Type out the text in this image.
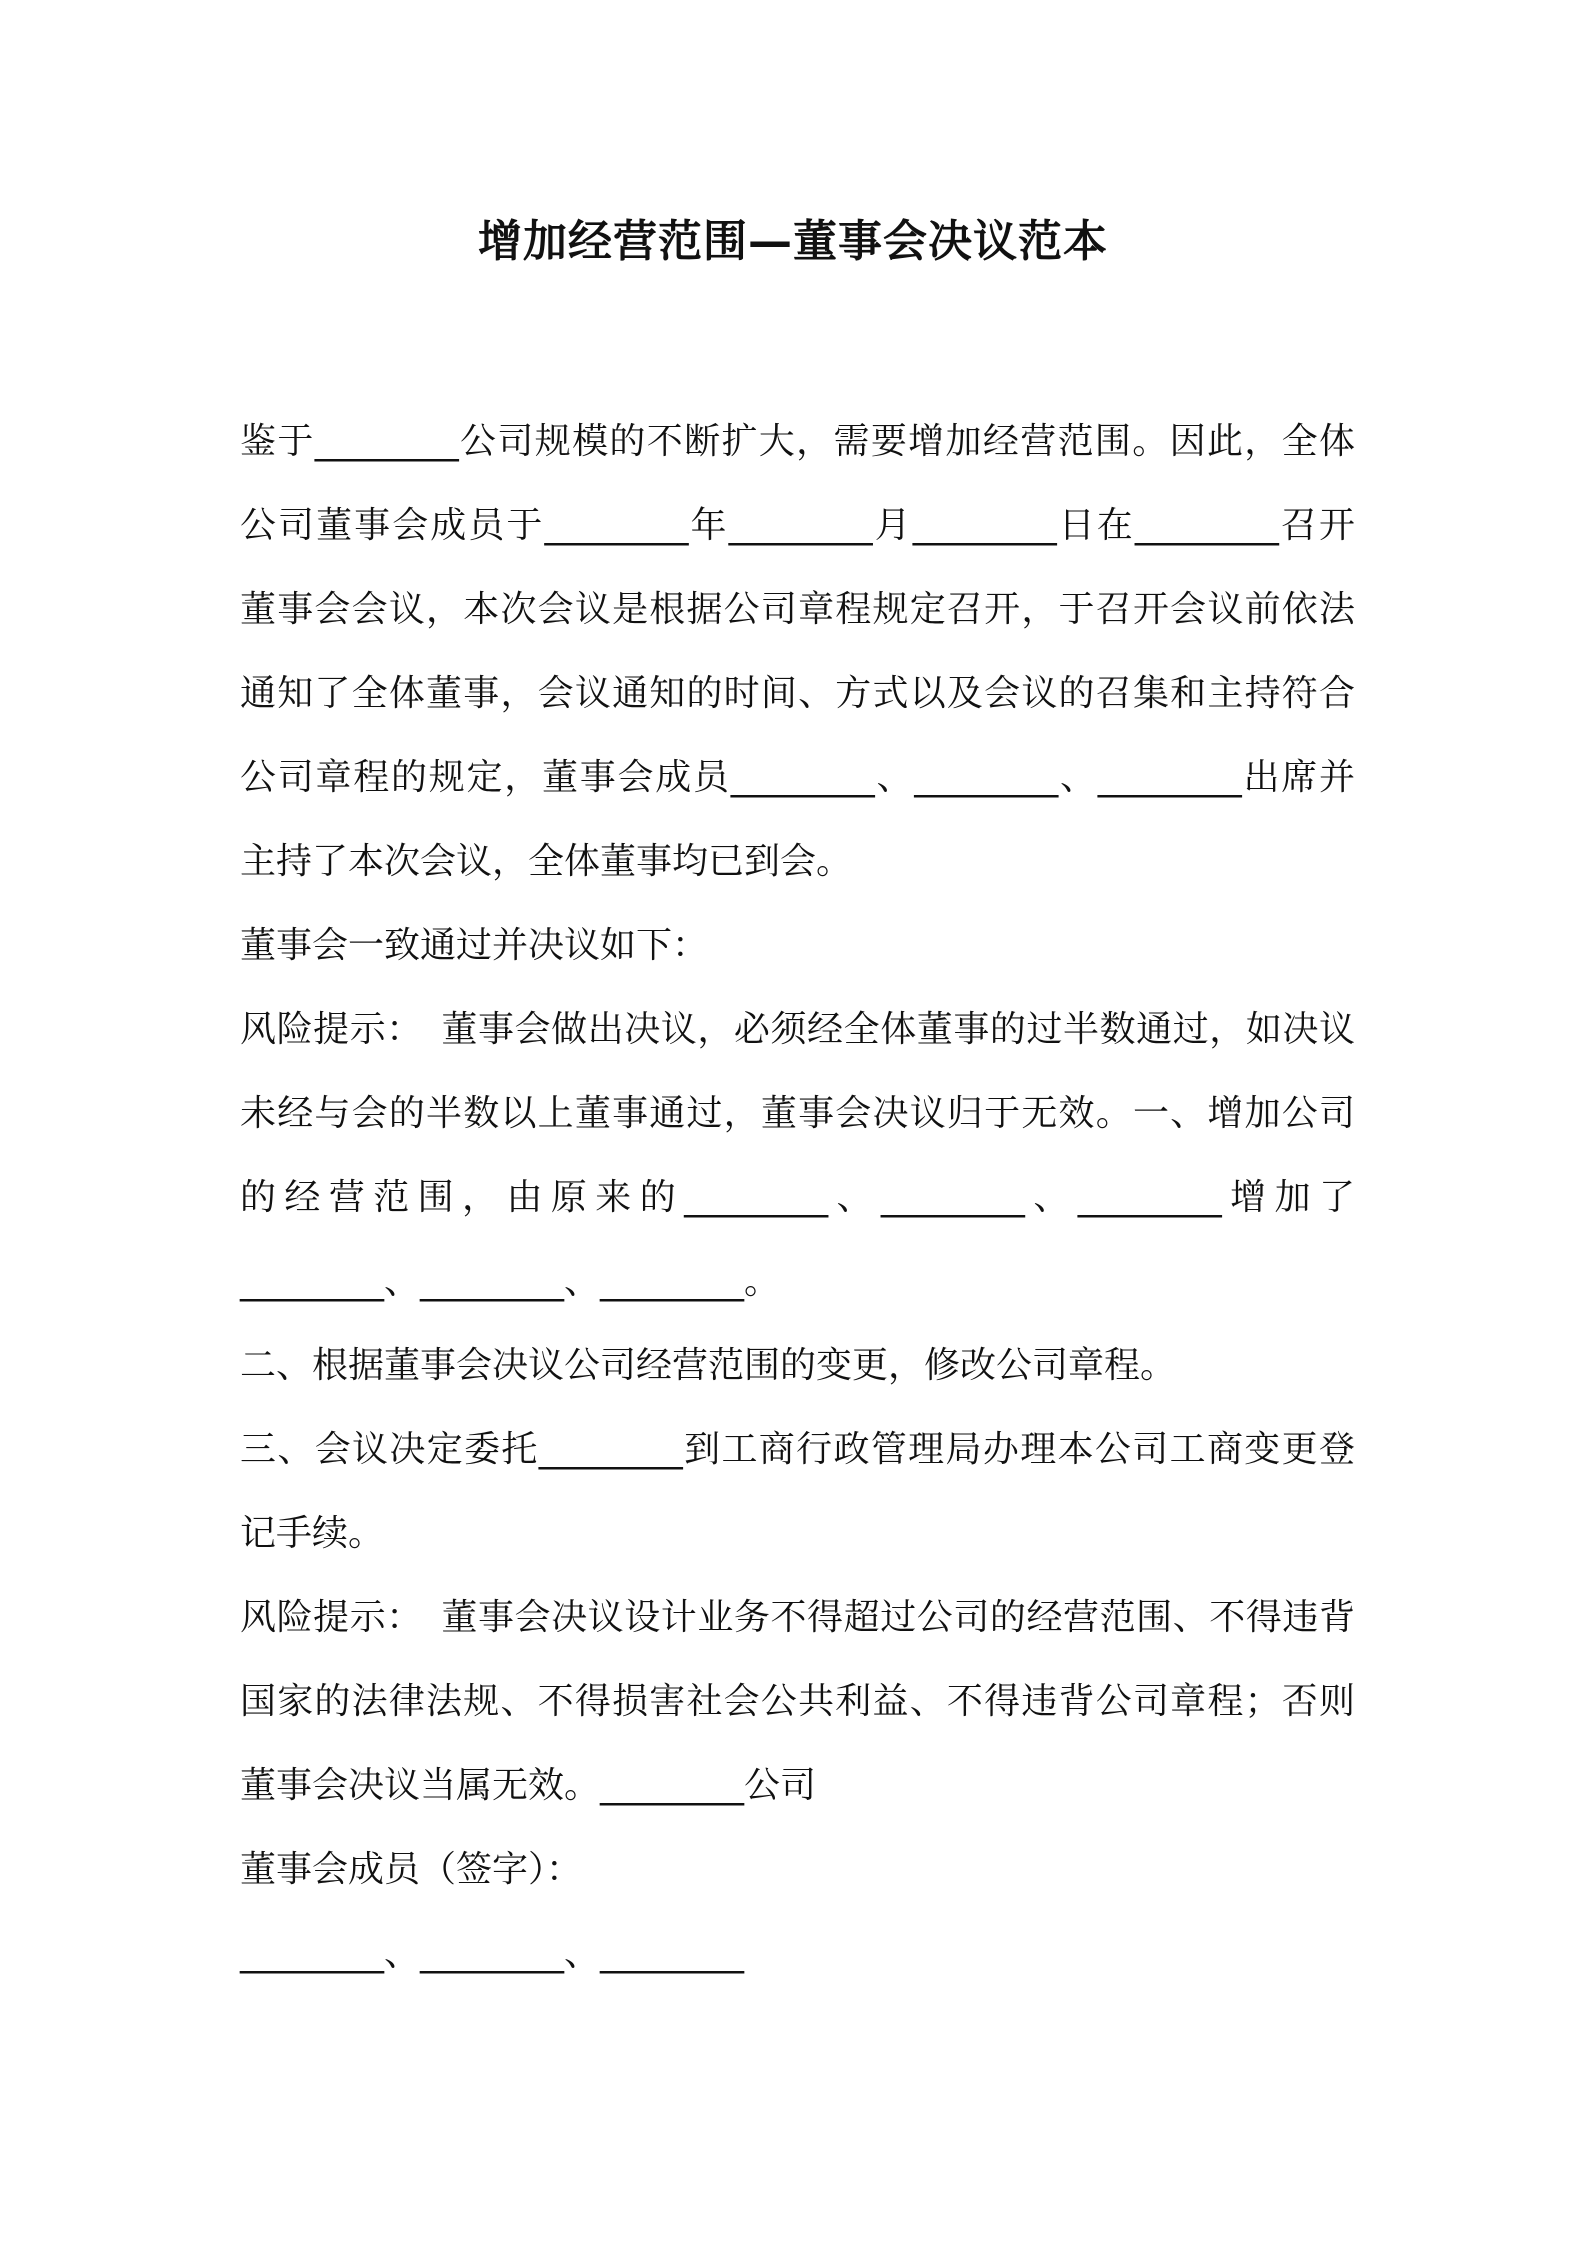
增加经营范围—董事会决议范本

鉴于________公司规模的不断扩大，需要增加经营范围。因此，全体公司董事会成员于________年________月________日在________召开董事会会议，本次会议是根据公司章程规定召开，于召开会议前依法通知了全体董事，会议通知的时间、方式以及会议的召集和主持符合公司章程的规定，董事会成员________、________、________出席并主持了本次会议，全体董事均已到会。

董事会一致通过并决议如下：

风险提示：　董事会做出决议，必须经全体董事的过半数通过，如决议未经与会的半数以上董事通过，董事会决议归于无效。一、增加公司的经营范围，由原来的________、________、________增加了________、________、________。

二、根据董事会决议公司经营范围的变更，修改公司章程。

三、会议决定委托________到工商行政管理局办理本公司工商变更登记手续。

风险提示：　董事会决议设计业务不得超过公司的经营范围、不得违背国家的法律法规、不得损害社会公共利益、不得违背公司章程；否则董事会决议当属无效。________公司

董事会成员（签字）：

________、________、________
